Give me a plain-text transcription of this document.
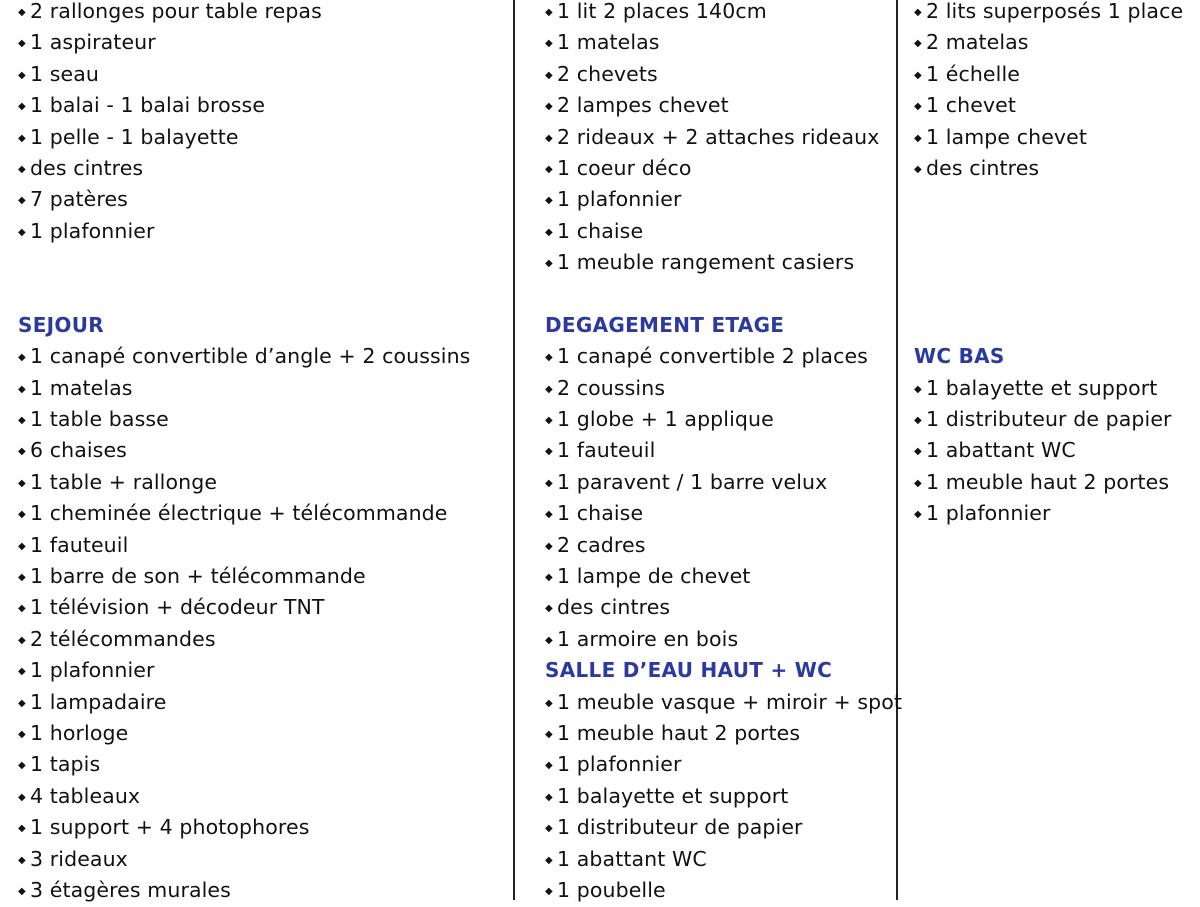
◆ 2 rallonges pour table repas
◆ 1 aspirateur
◆ 1 seau
◆ 1 balai - 1 balai brosse
◆ 1 pelle - 1 balayette
◆ des cintres
◆ 7 patères
◆ 1 plafonnier
SEJOUR
◆ 1 canapé convertible d’angle + 2 coussins
◆ 1 matelas
◆ 1 table basse
◆ 6 chaises
◆ 1 table + rallonge
◆ 1 cheminée électrique + télécommande
◆ 1 fauteuil
◆ 1 barre de son + télécommande
◆ 1 télévision + décodeur TNT
◆ 2 télécommandes
◆ 1 plafonnier
◆ 1 lampadaire
◆ 1 horloge
◆ 1 tapis
◆ 4 tableaux
◆ 1 support + 4 photophores
◆ 3 rideaux
◆ 3 étagères murales
◆ 1 lit 2 places 140cm
◆ 1 matelas
◆ 2 chevets
◆ 2 lampes chevet
◆ 2 rideaux + 2 attaches rideaux
◆ 1 coeur déco
◆ 1 plafonnier
◆ 1 chaise
◆ 1 meuble rangement casiers
DEGAGEMENT ETAGE
◆ 1 canapé convertible 2 places
◆ 2 coussins
◆ 1 globe + 1 applique
◆ 1 fauteuil
◆ 1 paravent / 1 barre velux
◆ 1 chaise
◆ 2 cadres
◆ 1 lampe de chevet
◆ des cintres
◆ 1 armoire en bois
SALLE D’EAU HAUT + WC
◆ 1 meuble vasque + miroir + spot
◆ 1 meuble haut 2 portes
◆ 1 plafonnier
◆ 1 balayette et support
◆ 1 distributeur de papier
◆ 1 abattant WC
◆ 1 poubelle
◆ 2 lits superposés 1 place
◆ 2 matelas
◆ 1 échelle
◆ 1 chevet
◆ 1 lampe chevet
◆ des cintres
WC BAS
◆ 1 balayette et support
◆ 1 distributeur de papier
◆ 1 abattant WC
◆ 1 meuble haut 2 portes
◆ 1 plafonnier
